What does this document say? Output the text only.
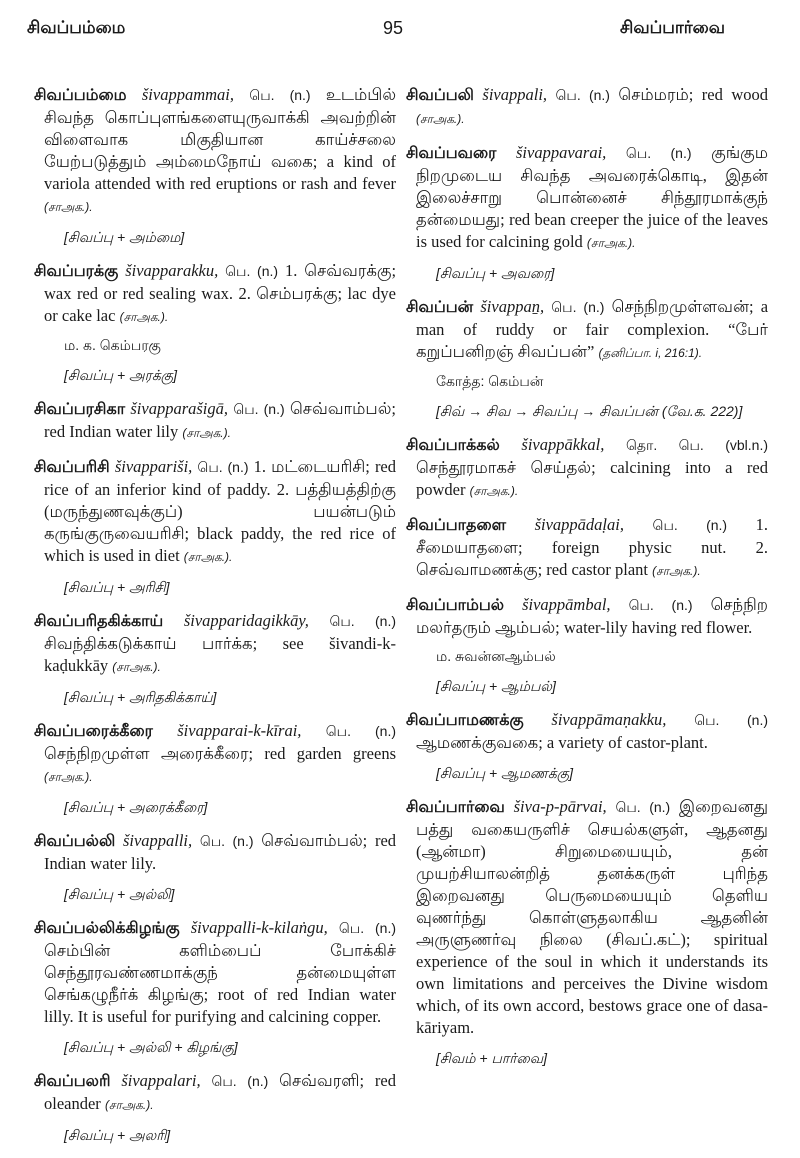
சிவப்பம்மை	95	சிவப்பார்வை

சிவப்பம்மை šivappammai, பெ. (n.) உடம்பில் சிவந்த கொப்புளங்களையுருவாக்கி அவற்றின் விளைவாக மிகுதியான காய்ச்சலை யேற்படுத்தும் அம்மைநோய் வகை; a kind of variola attended with red eruptions or rash and fever (சாஅக.).

[சிவப்பு + அம்மை]

சிவப்பரக்கு šivapparakku, பெ. (n.) 1. செவ்வரக்கு; wax red or red sealing wax. 2. செம்பரக்கு; lac dye or cake lac (சாஅக.).

ம. க. கெம்பரகு
[சிவப்பு + அரக்கு]

சிவப்பரசிகா šivapparašigā, பெ. (n.) செவ்வாம்பல்; red Indian water lily (சாஅக.).

சிவப்பரிசி šivappariši, பெ. (n.) 1. மட்டையரிசி; red rice of an inferior kind of paddy. 2. பத்தியத்திற்கு (மருந்துணவுக்குப்) பயன்படும் கருங்குருவையரிசி; black paddy, the red rice of which is used in diet (சாஅக.).

[சிவப்பு + அரிசி]

சிவப்பரிதகிக்காய் šivapparidagikkāy, பெ. (n.) சிவந்திக்கடுக்காய் பார்க்க; see šivandi-k-kaḍukkāy (சாஅக.).

[சிவப்பு + அரிதகிக்காய்]

சிவப்பரைக்கீரை šivapparai-k-kīrai, பெ. (n.) செந்நிறமுள்ள அரைக்கீரை; red garden greens (சாஅக.).

[சிவப்பு + அரைக்கீரை]

சிவப்பல்லி šivappalli, பெ. (n.) செவ்வாம்பல்; red Indian water lily.

[சிவப்பு + அல்லி]

சிவப்பல்லிக்கிழங்கு šivappalli-k-kilaṅgu, பெ. (n.) செம்பின் களிம்பைப் போக்கிச் செந்தூரவண்ணமாக்குந் தன்மையுள்ள செங்கழுநீர்க் கிழங்கு; root of red Indian water lilly. It is useful for purifying and calcining copper.

[சிவப்பு + அல்லி + கிழங்கு]

சிவப்பலரி šivappalari, பெ. (n.) செவ்வரளி; red oleander (சாஅக.).

[சிவப்பு + அலரி]

சிவப்பலி šivappali, பெ. (n.) செம்மரம்; red wood (சாஅக.).

சிவப்பவரை šivappavarai, பெ. (n.) குங்கும நிறமுடைய சிவந்த அவரைக்கொடி, இதன் இலைச்சாறு பொன்னைச் சிந்தூரமாக்குந் தன்மையது; red bean creeper the juice of the leaves is used for calcining gold (சாஅக.).

[சிவப்பு + அவரை]

சிவப்பன் šivappaṉ, பெ. (n.) செந்நிறமுள்ளவன்; a man of ruddy or fair complexion. “பேர் கறுப்பனிறஞ் சிவப்பன்” (தனிப்பா. i, 216:1).

கோத்த: கெம்பன்
[சிவ் → சிவ → சிவப்பு → சிவப்பன் (வே.க. 222)]

சிவப்பாக்கல் šivappākkal, தொ. பெ. (vbl.n.) செந்தூரமாகச் செய்தல்; calcining into a red powder (சாஅக.).

சிவப்பாதளை šivappādaḷai, பெ. (n.) 1. சீமையாதளை; foreign physic nut. 2. செவ்வாமணக்கு; red castor plant (சாஅக.).

சிவப்பாம்பல் šivappāmbal, பெ. (n.) செந்நிற மலர்தரும் ஆம்பல்; water-lily having red flower.

ம. சுவன்னஆம்பல்
[சிவப்பு + ஆம்பல்]

சிவப்பாமணக்கு šivappāmaṇakku, பெ. (n.) ஆமணக்குவகை; a variety of castor-plant.

[சிவப்பு + ஆமணக்கு]

சிவப்பார்வை šiva-p-pārvai, பெ. (n.) இறைவனது பத்து வகையருளிச் செயல்களுள், ஆதனது (ஆன்மா) சிறுமையையும், தன் முயற்சியாலன்றித் தனக்கருள் புரிந்த இறைவனது பெருமையையும் தெளிய வுணர்ந்து கொள்ளுதலாகிய ஆதனின் அருளுணர்வு நிலை (சிவப்.கட்); spiritual experience of the soul in which it understands its own limitations and perceives the Divine wisdom which, of its own accord, bestows grace one of dasa-kāriyam.

[சிவம் + பார்வை]
